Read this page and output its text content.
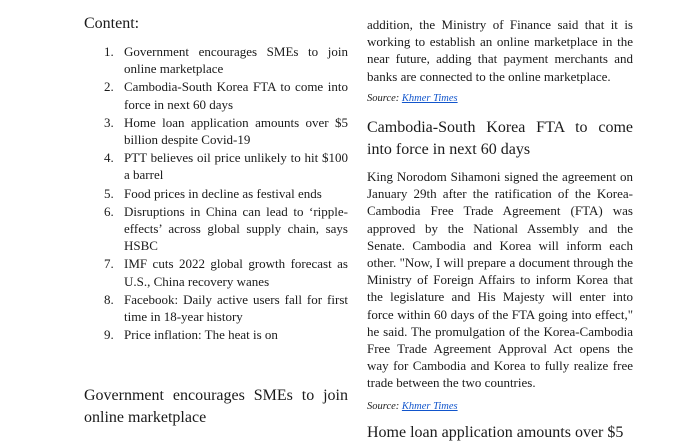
Content:
1. Government encourages SMEs to join online marketplace
2. Cambodia-South Korea FTA to come into force in next 60 days
3. Home loan application amounts over $5 billion despite Covid-19
4. PTT believes oil price unlikely to hit $100 a barrel
5. Food prices in decline as festival ends
6. Disruptions in China can lead to ‘ripple-effects’ across global supply chain, says HSBC
7. IMF cuts 2022 global growth forecast as U.S., China recovery wanes
8. Facebook: Daily active users fall for first time in 18-year history
9. Price inflation: The heat is on
Government encourages SMEs to join online marketplace

addition, the Ministry of Finance said that it is working to establish an online marketplace in the near future, adding that payment merchants and banks are connected to the online marketplace.

Source: Khmer Times

Cambodia-South Korea FTA to come into force in next 60 days

King Norodom Sihamoni signed the agreement on January 29th after the ratification of the Korea-Cambodia Free Trade Agreement (FTA) was approved by the National Assembly and the Senate. Cambodia and Korea will inform each other. "Now, I will prepare a document through the Ministry of Foreign Affairs to inform Korea that the legislature and His Majesty will enter into force within 60 days of the FTA going into effect," he said. The promulgation of the Korea-Cambodia Free Trade Agreement Approval Act opens the way for Cambodia and Korea to fully realize free trade between the two countries.

Source: Khmer Times

Home loan application amounts over $5
